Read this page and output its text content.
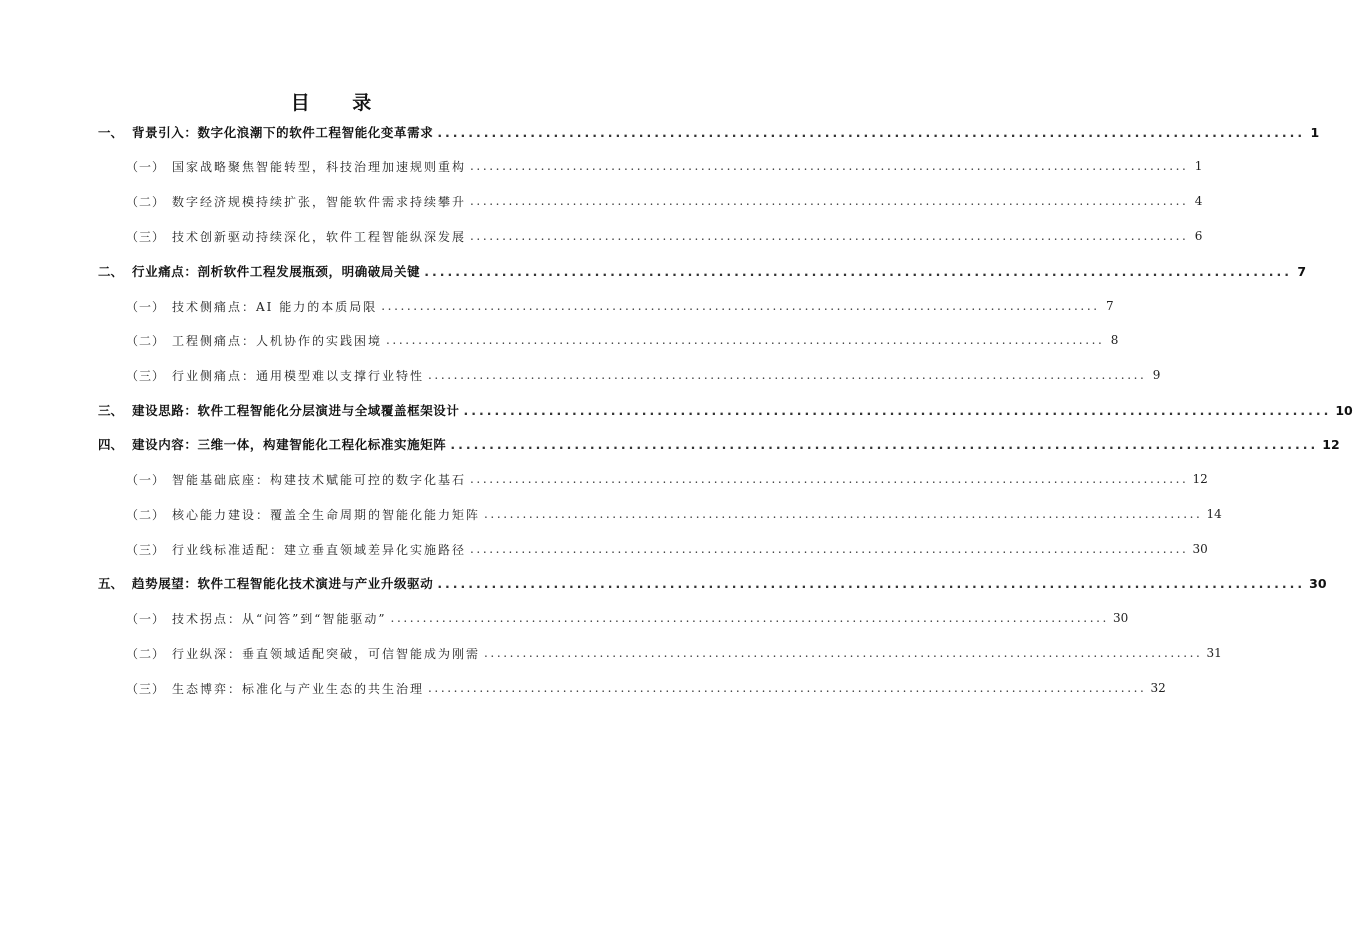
目 录
一、 背景引入：数字化浪潮下的软件工程智能化变革需求 ................................................................................................................ 1
（一） 国家战略聚焦智能转型，科技治理加速规则重构 ................................................................................................................ 1
（二） 数字经济规模持续扩张，智能软件需求持续攀升 ................................................................................................................ 4
（三） 技术创新驱动持续深化，软件工程智能纵深发展 ................................................................................................................ 6
二、 行业痛点：剖析软件工程发展瓶颈，明确破局关键 ................................................................................................................ 7
（一） 技术侧痛点：AI 能力的本质局限 ................................................................................................................ 7
（二） 工程侧痛点：人机协作的实践困境 ................................................................................................................ 8
（三） 行业侧痛点：通用模型难以支撑行业特性 ................................................................................................................ 9
三、 建设思路：软件工程智能化分层演进与全域覆盖框架设计 ................................................................................................................ 10
四、 建设内容：三维一体，构建智能化工程化标准实施矩阵 ................................................................................................................ 12
（一） 智能基础底座：构建技术赋能可控的数字化基石 ................................................................................................................ 12
（二） 核心能力建设：覆盖全生命周期的智能化能力矩阵 ................................................................................................................ 14
（三） 行业线标准适配：建立垂直领域差异化实施路径 ................................................................................................................ 30
五、 趋势展望：软件工程智能化技术演进与产业升级驱动 ................................................................................................................ 30
（一） 技术拐点：从“问答”到“智能驱动” ................................................................................................................ 30
（二） 行业纵深：垂直领域适配突破，可信智能成为刚需 ................................................................................................................ 31
（三） 生态博弈：标准化与产业生态的共生治理 ................................................................................................................ 32
